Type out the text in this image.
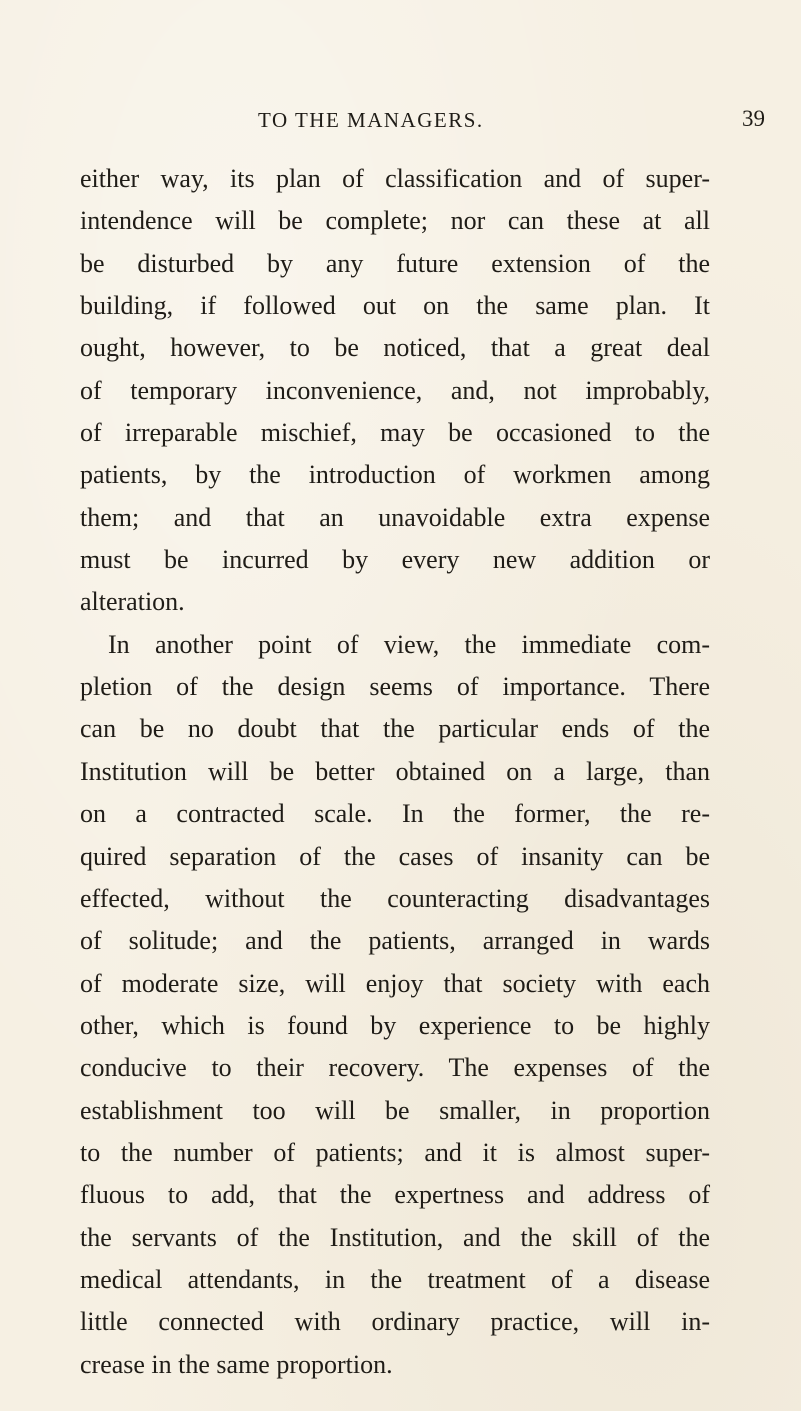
TO THE MANAGERS.	39
either way, its plan of classification and of super-
intendence will be complete; nor can these at all
be disturbed by any future extension of the
building, if followed out on the same plan. It
ought, however, to be noticed, that a great deal
of temporary inconvenience, and, not improbably,
of irreparable mischief, may be occasioned to the
patients, by the introduction of workmen among
them; and that an unavoidable extra expense
must be incurred by every new addition or
alteration.
In another point of view, the immediate com-
pletion of the design seems of importance. There
can be no doubt that the particular ends of the
Institution will be better obtained on a large, than
on a contracted scale. In the former, the re-
quired separation of the cases of insanity can be
effected, without the counteracting disadvantages
of solitude; and the patients, arranged in wards
of moderate size, will enjoy that society with each
other, which is found by experience to be highly
conducive to their recovery. The expenses of the
establishment too will be smaller, in proportion
to the number of patients; and it is almost super-
fluous to add, that the expertness and address of
the servants of the Institution, and the skill of the
medical attendants, in the treatment of a disease
little connected with ordinary practice, will in-
crease in the same proportion.
